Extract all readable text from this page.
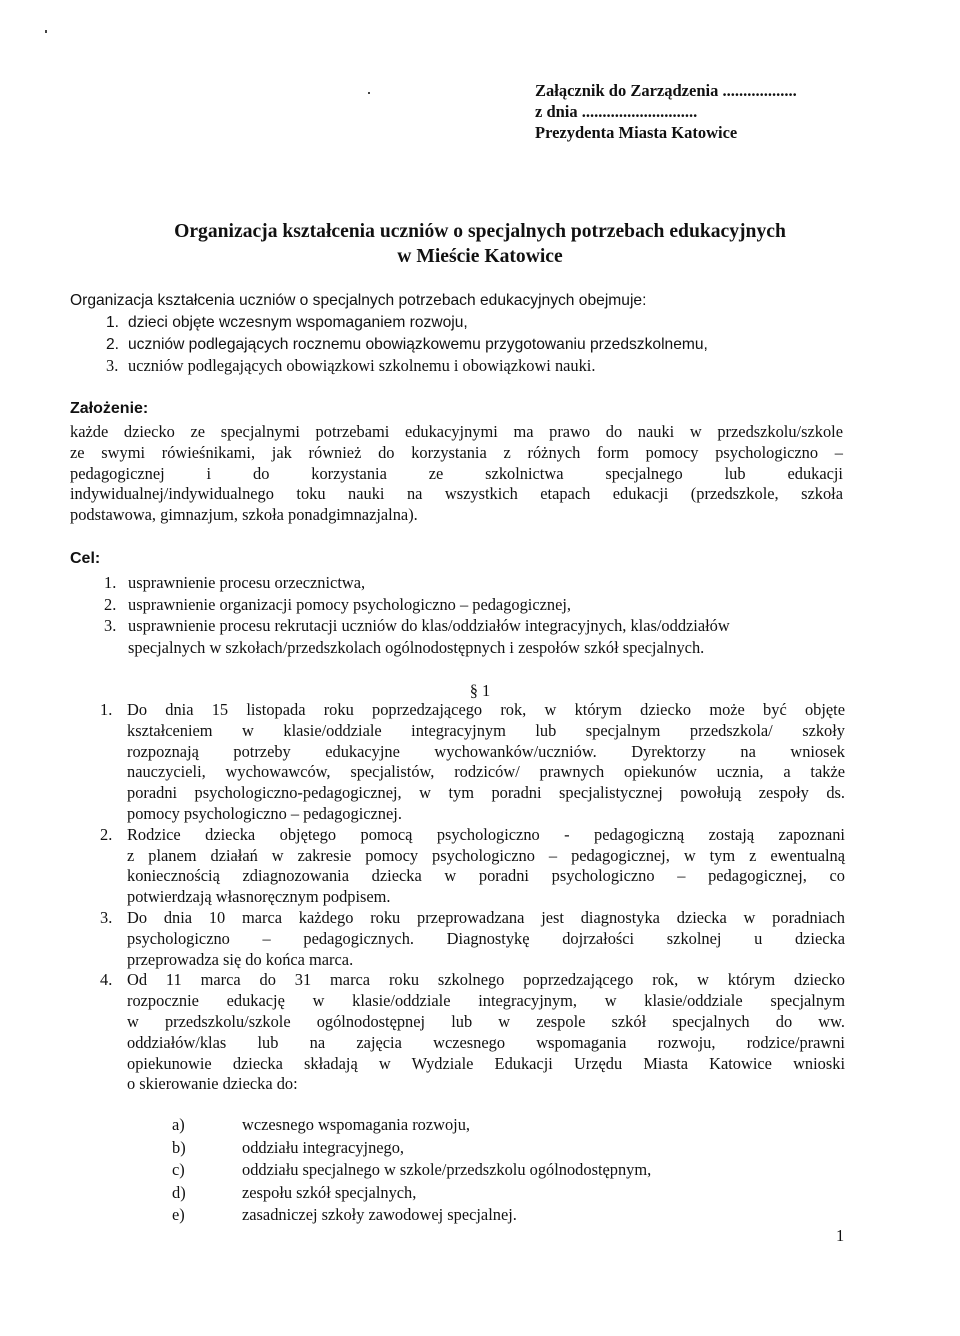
Załącznik do Zarządzenia ..................
z dnia ............................
Prezydenta Miasta Katowice
Organizacja kształcenia uczniów o specjalnych potrzebach edukacyjnych
w Mieście Katowice
Organizacja kształcenia uczniów o specjalnych potrzebach edukacyjnych obejmuje:
1. dzieci objęte wczesnym wspomaganiem rozwoju,
2. uczniów podlegających rocznemu obowiązkowemu przygotowaniu przedszkolnemu,
3. uczniów podlegających obowiązkowi szkolnemu i obowiązkowi nauki.
Założenie:
każde dziecko ze specjalnymi potrzebami edukacyjnymi ma prawo do nauki w przedszkolu/szkole
ze swymi rówieśnikami, jak również do korzystania z różnych form pomocy psychologiczno –
pedagogicznej i do korzystania ze szkolnictwa specjalnego lub edukacji
indywidualnej/indywidualnego toku nauki na wszystkich etapach edukacji (przedszkole, szkoła
podstawowa, gimnazjum, szkoła ponadgimnazjalna).
Cel:
1. usprawnienie procesu orzecznictwa,
2. usprawnienie organizacji pomocy psychologiczno – pedagogicznej,
3. usprawnienie procesu rekrutacji uczniów do klas/oddziałów integracyjnych, klas/oddziałów
specjalnych w szkołach/przedszkolach ogólnodostępnych i zespołów szkół specjalnych.
§ 1
1. Do dnia 15 listopada roku poprzedzającego rok, w którym dziecko może być objęte
kształceniem w klasie/oddziale integracyjnym lub specjalnym przedszkola/ szkoły
rozpoznają potrzeby edukacyjne wychowanków/uczniów. Dyrektorzy na wniosek
nauczycieli, wychowawców, specjalistów, rodziców/ prawnych opiekunów ucznia, a także
poradni psychologiczno-pedagogicznej, w tym poradni specjalistycznej powołują zespoły ds.
pomocy psychologiczno – pedagogicznej.
2. Rodzice dziecka objętego pomocą psychologiczno - pedagogiczną zostają zapoznani
z planem działań w zakresie pomocy psychologiczno – pedagogicznej, w tym z ewentualną
koniecznością zdiagnozowania dziecka w poradni psychologiczno – pedagogicznej, co
potwierdzają własnoręcznym podpisem.
3. Do dnia 10 marca każdego roku przeprowadzana jest diagnostyka dziecka w poradniach
psychologiczno – pedagogicznych. Diagnostykę dojrzałości szkolnej u dziecka
przeprowadza się do końca marca.
4. Od 11 marca do 31 marca roku szkolnego poprzedzającego rok, w którym dziecko
rozpocznie edukację w klasie/oddziale integracyjnym, w klasie/oddziale specjalnym
w przedszkolu/szkole ogólnodostępnej lub w zespole szkół specjalnych do ww.
oddziałów/klas lub na zajęcia wczesnego wspomagania rozwoju, rodzice/prawni
opiekunowie dziecka składają w Wydziale Edukacji Urzędu Miasta Katowice wnioski
o skierowanie dziecka do:
a)	wczesnego wspomagania rozwoju,
b)	oddziału integracyjnego,
c)	oddziału specjalnego w szkole/przedszkolu ogólnodostępnym,
d)	zespołu szkół specjalnych,
e)	zasadniczej szkoły zawodowej specjalnej.
1
